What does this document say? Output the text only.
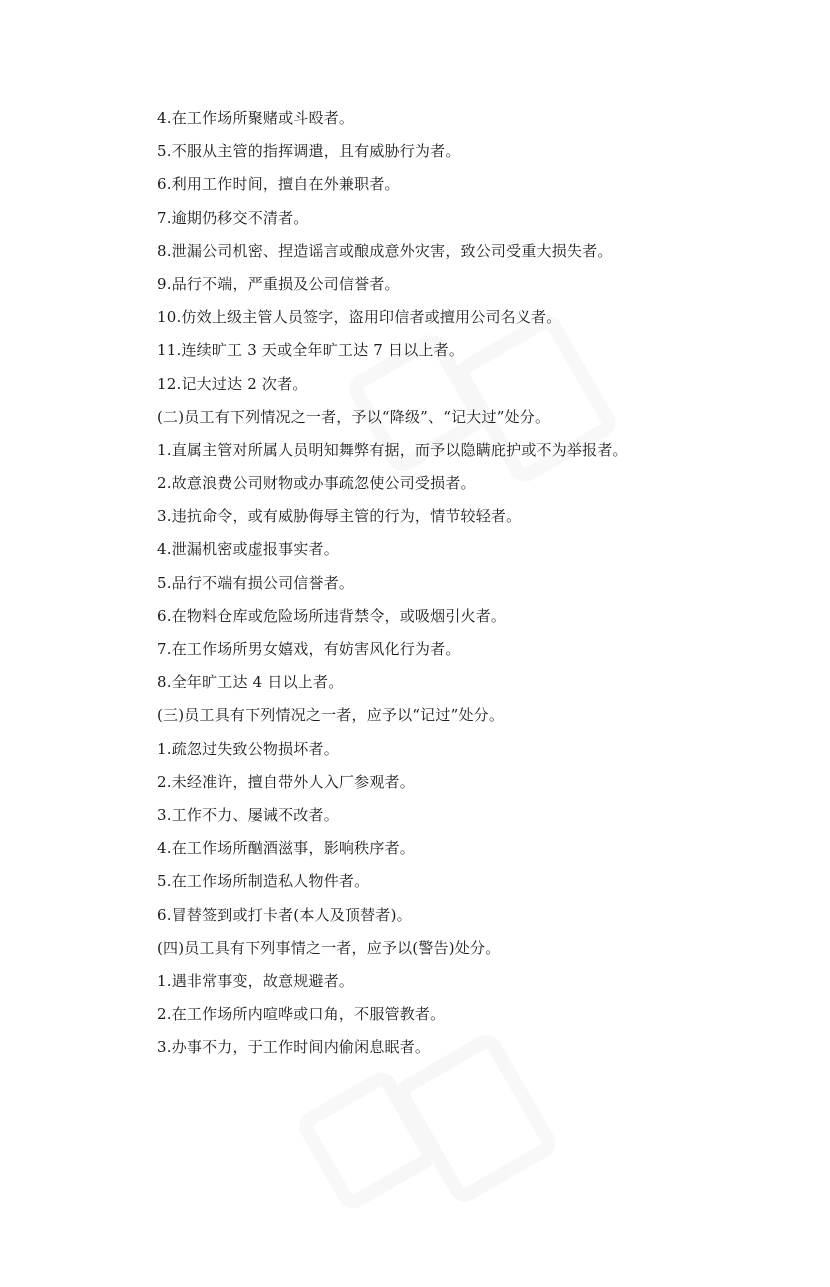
4.在工作场所聚赌或斗殴者。
5.不服从主管的指挥调遣，且有威胁行为者。
6.利用工作时间，擅自在外兼职者。
7.逾期仍移交不清者。
8.泄漏公司机密、捏造谣言或酿成意外灾害，致公司受重大损失者。
9.品行不端，严重损及公司信誉者。
10.仿效上级主管人员签字，盗用印信者或擅用公司名义者。
11.连续旷工 3 天或全年旷工达 7 日以上者。
12.记大过达 2 次者。
(二)员工有下列情况之一者，予以“降级”、“记大过”处分。
1.直属主管对所属人员明知舞弊有据，而予以隐瞒庇护或不为举报者。
2.故意浪费公司财物或办事疏忽使公司受损者。
3.违抗命令，或有威胁侮辱主管的行为，情节较轻者。
4.泄漏机密或虚报事实者。
5.品行不端有损公司信誉者。
6.在物料仓库或危险场所违背禁令，或吸烟引火者。
7.在工作场所男女嬉戏，有妨害风化行为者。
8.全年旷工达 4 日以上者。
(三)员工具有下列情况之一者，应予以“记过”处分。
1.疏忽过失致公物损坏者。
2.未经准许，擅自带外人入厂参观者。
3.工作不力、屡诫不改者。
4.在工作场所酗酒滋事，影响秩序者。
5.在工作场所制造私人物件者。
6.冒替签到或打卡者(本人及顶替者)。
(四)员工具有下列事情之一者，应予以(警告)处分。
1.遇非常事变，故意规避者。
2.在工作场所内喧哗或口角，不服管教者。
3.办事不力，于工作时间内偷闲息眠者。
